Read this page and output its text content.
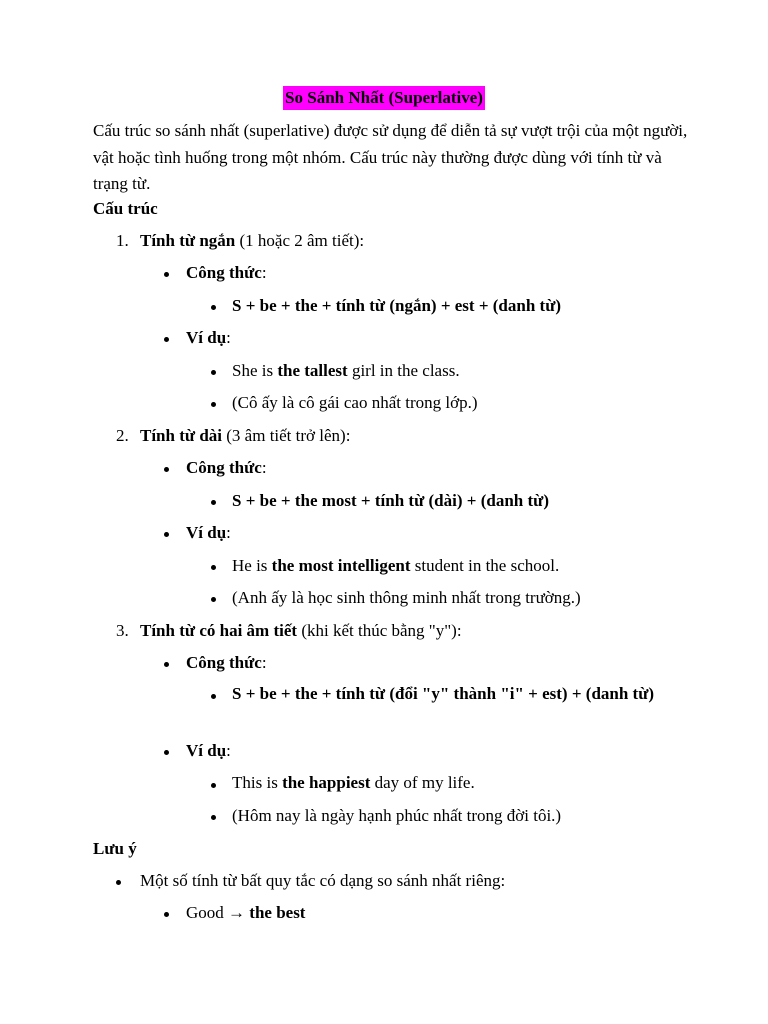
So Sánh Nhất (Superlative)

Cấu trúc so sánh nhất (superlative) được sử dụng để diễn tả sự vượt trội của một người, vật hoặc tình huống trong một nhóm. Cấu trúc này thường được dùng với tính từ và trạng từ.

Cấu trúc
1. Tính từ ngắn (1 hoặc 2 âm tiết):
Công thức:
S + be + the + tính từ (ngắn) + est + (danh từ)
Ví dụ:
She is the tallest girl in the class.
(Cô ấy là cô gái cao nhất trong lớp.)
2. Tính từ dài (3 âm tiết trở lên):
Công thức:
S + be + the most + tính từ (dài) + (danh từ)
Ví dụ:
He is the most intelligent student in the school.
(Anh ấy là học sinh thông minh nhất trong trường.)
3. Tính từ có hai âm tiết (khi kết thúc bằng "y"):
Công thức:
S + be + the + tính từ (đổi "y" thành "i" + est) + (danh từ)
Ví dụ:
This is the happiest day of my life.
(Hôm nay là ngày hạnh phúc nhất trong đời tôi.)
Lưu ý
Một số tính từ bất quy tắc có dạng so sánh nhất riêng:
Good → the best
